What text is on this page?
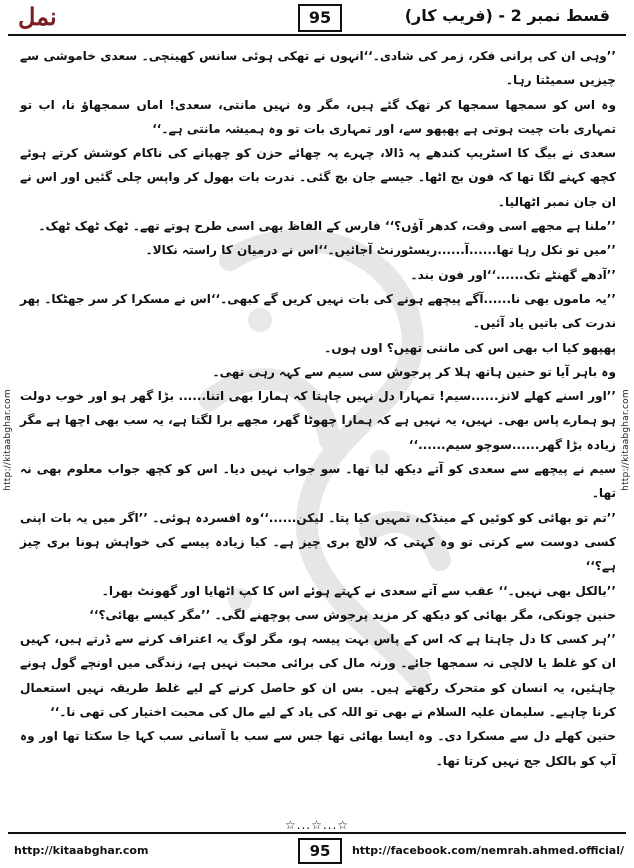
نمل	95	قسط نمبر 2 - (فریب کار)
http://kitaabghar.com	http://kitaabghar.com

’’وہی ان کی پرانی فکر، زمر کی شادی۔‘‘انہوں نے تھکی ہوئی سانس کھینچی۔ سعدی خاموشی سے چیزیں سمیٹتا رہا۔

وہ اس کو سمجھا سمجھا کر تھک گئے ہیں، مگر وہ نہیں مانتی، سعدی! اماں سمجھاؤ نا، اب تو تمہاری بات چیت ہوتی ہے پھپھو سے، اور تمہاری بات تو وہ ہمیشہ مانتی ہے۔‘‘

سعدی نے بیگ کا اسٹریپ کندھے پہ ڈالا، چہرے پہ چھائے حزن کو چھپانے کی ناکام کوشش کرتے ہوئے کچھ کہنے لگا تھا کہ فون بج اٹھا۔ جیسے جان بچ گئی۔ ندرت بات بھول کر واپس چلی گئیں اور اس نے ان جان نمبر اٹھالیا۔

’’ملنا ہے مجھے اسی وقت، کدھر آؤں؟‘‘ فارس کے الفاظ بھی اسی طرح ہوتے تھے۔ ٹھک ٹھک ٹھک۔

’’میں تو نکل رہا تھا......آ......ریسٹورنٹ آجائیں۔‘‘اس نے درمیان کا راستہ نکالا۔

’’آدھے گھنٹے تک......‘‘اور فون بند۔

’’یہ ماموں بھی نا......آگے پیچھے ہونے کی بات نہیں کریں گے کبھی۔‘‘اس نے مسکرا کر سر جھٹکا۔ پھر ندرت کی باتیں یاد آئیں۔

پھپھو کیا اب بھی اس کی مانتی تھیں؟ اوں ہوں۔

وہ باہر آیا تو حنین ہاتھ ہلا کر پرجوش سی سیم سے کہہ رہی تھی۔

’’اور اسنے کھلے لانز......سیم! تمہارا دل نہیں چاہتا کہ ہمارا بھی اتنا...... بڑا گھر ہو اور خوب دولت ہو ہمارے پاس بھی۔ نہیں، یہ نہیں ہے کہ ہمارا چھوٹا گھر، مجھے برا لگتا ہے، یہ سب بھی اچھا ہے مگر زیادہ بڑا گھر......سوچو سیم......‘‘

سیم نے پیچھے سے سعدی کو آتے دیکھ لیا تھا۔ سو جواب نہیں دیا۔ اس کو کچھ جواب معلوم بھی نہ تھا۔

’’تم تو بھائی کو کوئیں کے مینڈک، تمہیں کیا پتا۔ لیکن......‘‘وہ افسردہ ہوئی۔ ’’اگر میں یہ بات اپنی کسی دوست سے کرتی تو وہ کہتی کہ لالچ بری چیز ہے۔ کیا زیادہ پیسے کی خواہش ہونا بری چیز ہے؟‘‘

’’بالکل بھی نہیں۔‘‘ عقب سے آتے سعدی نے کہتے ہوئے اس کا کپ اٹھایا اور گھونٹ بھرا۔

حنین چونکی، مگر بھائی کو دیکھ کر مزید پرجوش سی پوچھنے لگی۔ ’’مگر کیسے بھائی؟‘‘

’’ہر کسی کا دل چاہتا ہے کہ اس کے پاس بہت پیسہ ہو، مگر لوگ یہ اعتراف کرنے سے ڈرتے ہیں، کہیں ان کو غلط یا لالچی نہ سمجھا جائے۔ ورنہ مال کی برائی محبت نہیں ہے، زندگی میں اونچے گول ہونے چاہئیں، یہ انسان کو متحرک رکھتے ہیں۔ بس ان کو حاصل کرنے کے لیے غلط طریقہ نہیں استعمال کرنا چاہیے۔ سلیمان علیہ السلام نے بھی تو اللہ کی یاد کے لیے مال کی محبت اختیار کی تھی نا۔‘‘

حنین کھلے دل سے مسکرا دی۔ وہ ایسا بھائی تھا جس سے سب با آسانی سب کہا جا سکتا تھا اور وہ آپ کو بالکل جج نہیں کرتا تھا۔

☆...☆...☆
http://kitaabghar.com	95	http://facebook.com/nemrah.ahmed.official/
